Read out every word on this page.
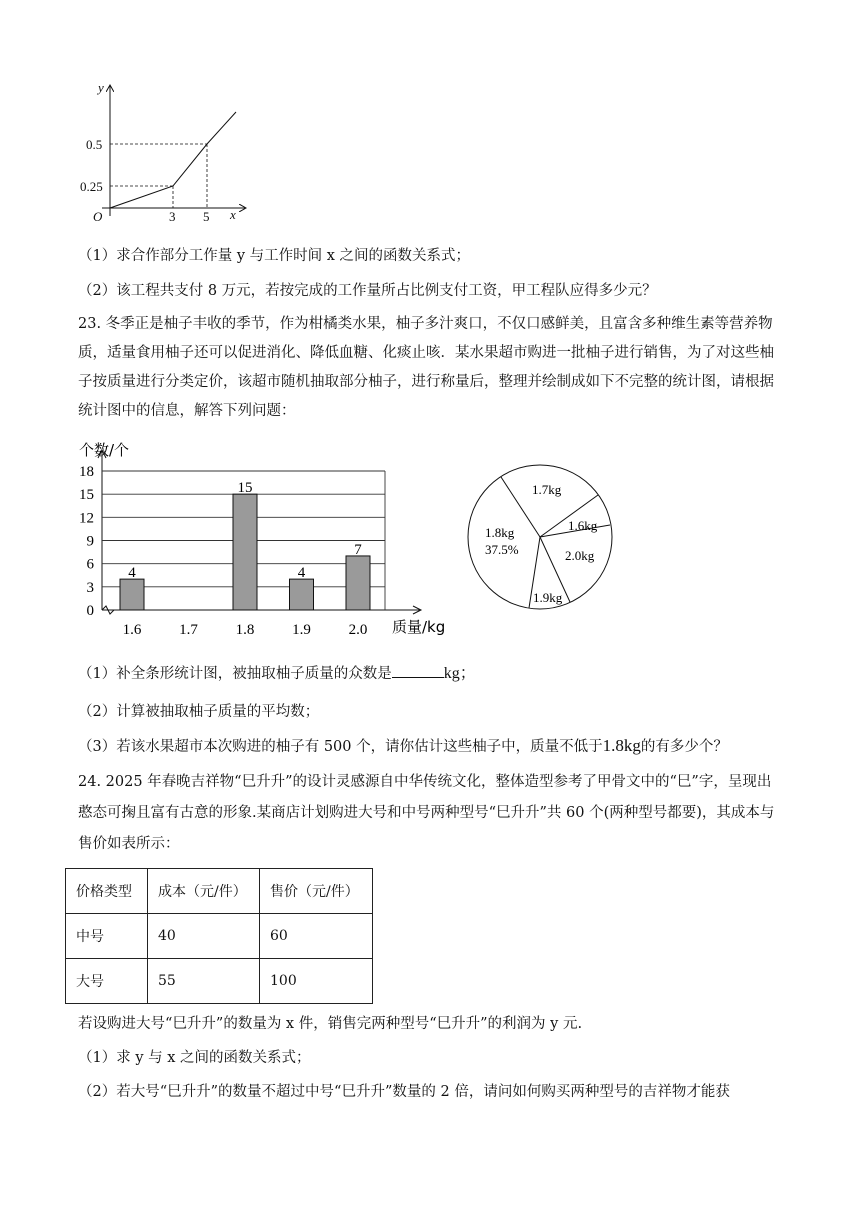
y
x
O
0.5
0.25
3 5
（1）求合作部分工作量 y 与工作时间 x 之间的函数关系式；
（2）该工程共支付 8 万元，若按完成的工作量所占比例支付工资，甲工程队应得多少元？
23. 冬季正是柚子丰收的季节，作为柑橘类水果，柚子多汁爽口，不仅口感鲜美，且富含多种维生素等营养物质，适量食用柚子还可以促进消化、降低血糖、化痰止咳．某水果超市购进一批柚子进行销售，为了对这些柚子按质量进行分类定价，该超市随机抽取部分柚子，进行称量后，整理并绘制成如下不完整的统计图，请根据统计图中的信息，解答下列问题：
4
15
4
7
0
3
6
9
12
15
18
1.6	1.7	1.8	1.9	2.0
个数/个
质量/kg
1.7kg
1.6kg
2.0kg
1.9kg
1.8kg
37.5%
（1）补全条形统计图，被抽取柚子质量的众数是	kg；
（2）计算被抽取柚子质量的平均数；
（3）若该水果超市本次购进的柚子有 500 个，请你估计这些柚子中，质量不低于1.8kg的有多少个？
24. 2025 年春晚吉祥物“巳升升”的设计灵感源自中华传统文化，整体造型参考了甲骨文中的“巳”字，呈现出憨态可掬且富有古意的形象.某商店计划购进大号和中号两种型号“巳升升”共 60 个(两种型号都要)，其成本与售价如表所示：
价格类型	成本（元/件）	售价（元/件）
中号	40	60
大号	55	100
若设购进大号“巳升升”的数量为 x 件，销售完两种型号“巳升升”的利润为 y 元.
（1）求 y 与 x 之间的函数关系式；
（2）若大号“巳升升”的数量不超过中号“巳升升”数量的 2 倍，请问如何购买两种型号的吉祥物才能获
